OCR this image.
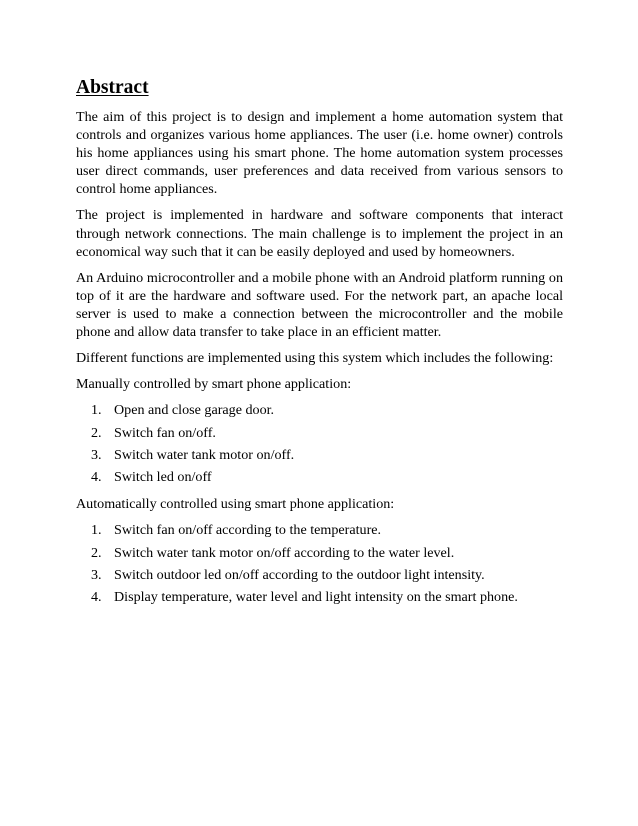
Abstract

The aim of this project is to design and implement a home automation system that controls and organizes various home appliances. The user (i.e. home owner) controls his home appliances using his smart phone. The home automation system processes user direct commands, user preferences and data received from various sensors to control home appliances.

The project is implemented in hardware and software components that interact through network connections. The main challenge is to implement the project in an economical way such that it can be easily deployed and used by homeowners.

An Arduino microcontroller and a mobile phone with an Android platform running on top of it are the hardware and software used. For the network part, an apache local server is used to make a connection between the microcontroller and the mobile phone and allow data transfer to take place in an efficient matter.

Different functions are implemented using this system which includes the following:

Manually controlled by smart phone application:

1. Open and close garage door.
2. Switch fan on/off.
3. Switch water tank motor on/off.
4. Switch led on/off

Automatically controlled using smart phone application:

1. Switch fan on/off according to the temperature.
2. Switch water tank motor on/off according to the water level.
3. Switch outdoor led on/off according to the outdoor light intensity.
4. Display temperature, water level and light intensity on the smart phone.
